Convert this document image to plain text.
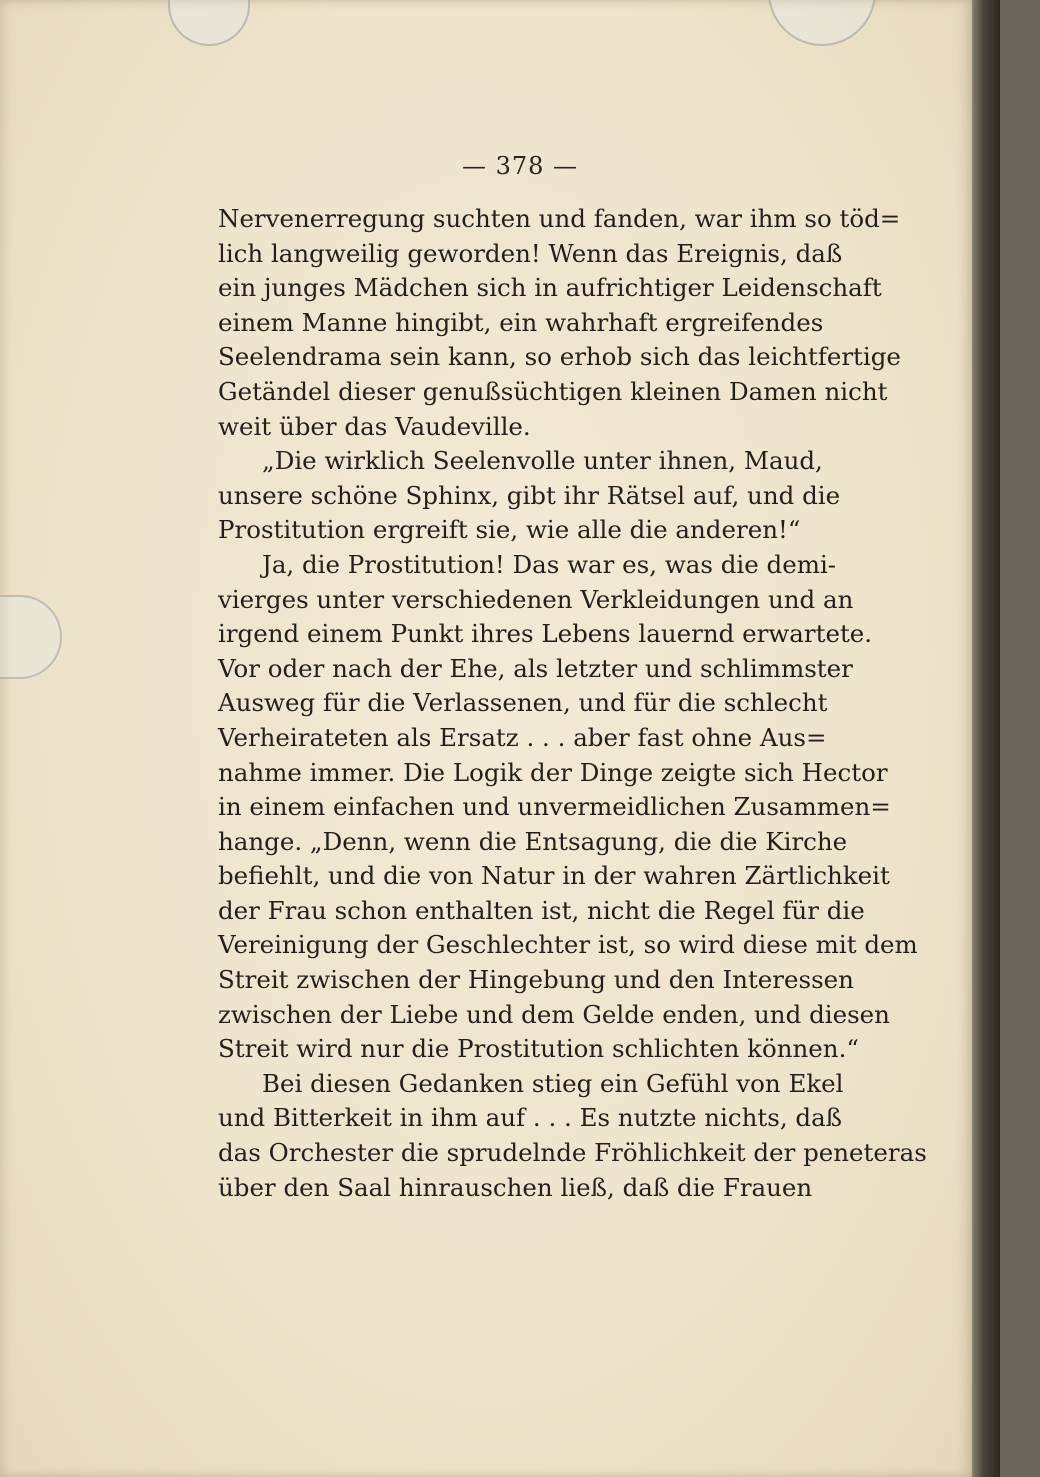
— 378 —
Nervenerregung suchten und fanden, war ihm so töd=
lich langweilig geworden! Wenn das Ereignis, daß
ein junges Mädchen sich in aufrichtiger Leidenschaft
einem Manne hingibt, ein wahrhaft ergreifendes
Seelendrama sein kann, so erhob sich das leichtfertige
Getändel dieser genußsüchtigen kleinen Damen nicht
weit über das Vaudeville.
„Die wirklich Seelenvolle unter ihnen, Maud,
unsere schöne Sphinx, gibt ihr Rätsel auf, und die
Prostitution ergreift sie, wie alle die anderen!“
Ja, die Prostitution! Das war es, was die demi-
vierges unter verschiedenen Verkleidungen und an
irgend einem Punkt ihres Lebens lauernd erwartete.
Vor oder nach der Ehe, als letzter und schlimmster
Ausweg für die Verlassenen, und für die schlecht
Verheirateten als Ersatz . . . aber fast ohne Aus=
nahme immer. Die Logik der Dinge zeigte sich Hector
in einem einfachen und unvermeidlichen Zusammen=
hange. „Denn, wenn die Entsagung, die die Kirche
befiehlt, und die von Natur in der wahren Zärtlichkeit
der Frau schon enthalten ist, nicht die Regel für die
Vereinigung der Geschlechter ist, so wird diese mit dem
Streit zwischen der Hingebung und den Interessen
zwischen der Liebe und dem Gelde enden, und diesen
Streit wird nur die Prostitution schlichten können.“
Bei diesen Gedanken stieg ein Gefühl von Ekel
und Bitterkeit in ihm auf . . . Es nutzte nichts, daß
das Orchester die sprudelnde Fröhlichkeit der peneteras
über den Saal hinrauschen ließ, daß die Frauen
